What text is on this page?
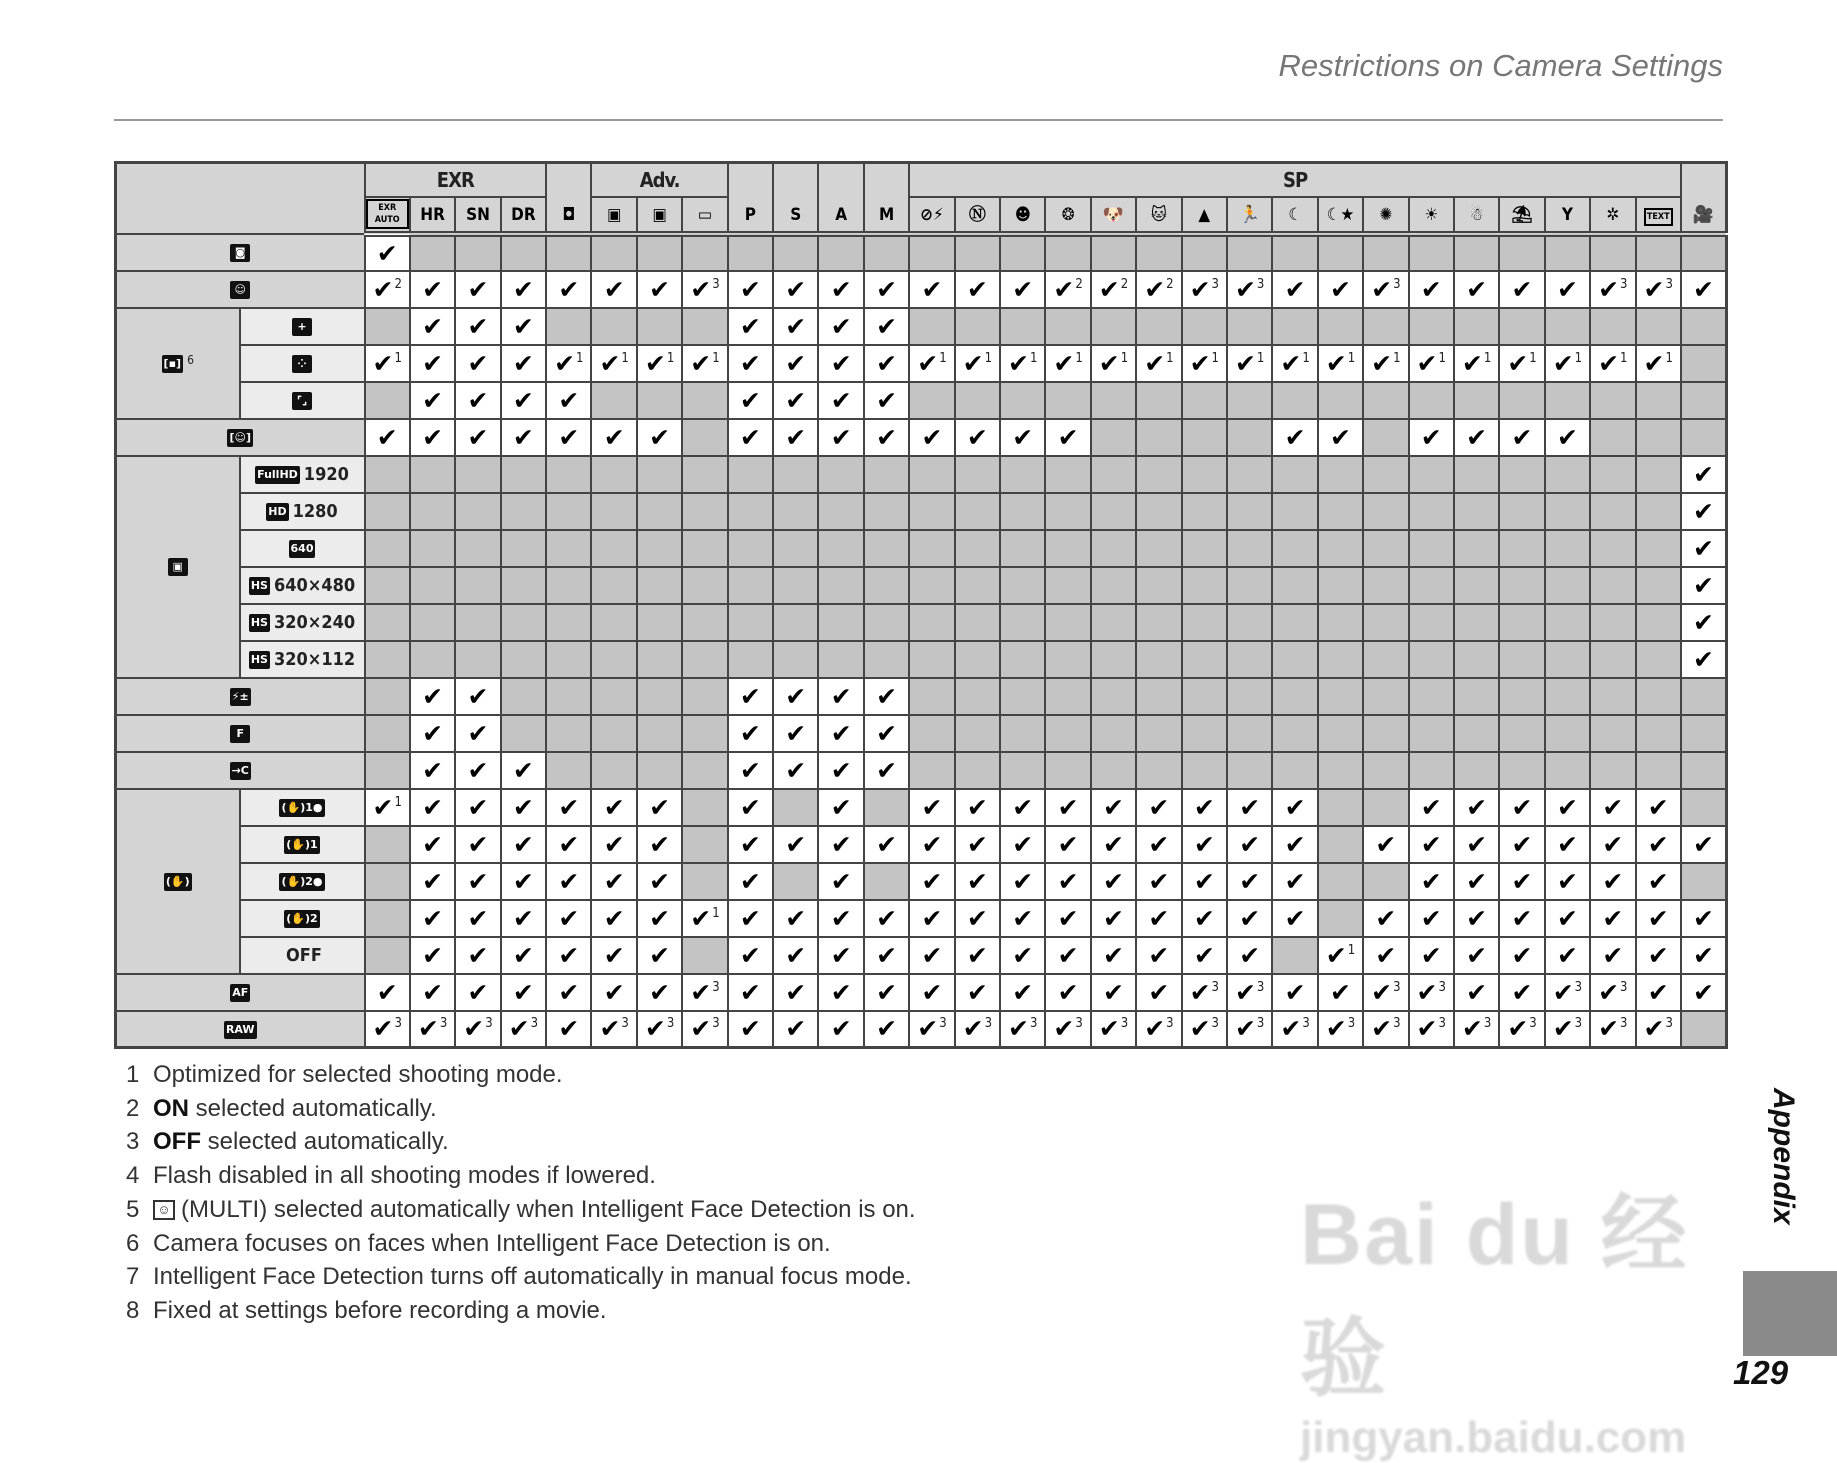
Restrictions on Camera Settings
		EXR				◘	Adv.			P	S	A	M	SP																	🎥
		EXR AUTO	HR	SN	DR		▣	▣	▭					⊘⚡	Ⓝ	☻	❂	🐶	🐱	▲	🏃	☾	☾★	✺	☀	☃	⛱	Y	✲	TEXT	
◙		✔																													
☺		✔$^2$	✔	✔	✔	✔	✔	✔	✔$^3$	✔	✔	✔	✔	✔	✔	✔	✔$^2$	✔$^2$	✔$^2$	✔$^3$	✔$^3$	✔	✔	✔$^3$	✔	✔	✔	✔	✔$^3$	✔$^3$	✔
[▪] $^6$	+		✔	✔	✔					✔	✔	✔	✔																		
	⁘	✔$^1$	✔	✔	✔	✔$^1$	✔$^1$	✔$^1$	✔$^1$	✔	✔	✔	✔	✔$^1$	✔$^1$	✔$^1$	✔$^1$	✔$^1$	✔$^1$	✔$^1$	✔$^1$	✔$^1$	✔$^1$	✔$^1$	✔$^1$	✔$^1$	✔$^1$	✔$^1$	✔$^1$	✔$^1$	
	⌜⌟		✔	✔	✔	✔				✔	✔	✔	✔																		
[☺]		✔	✔	✔	✔	✔	✔	✔		✔	✔	✔	✔	✔	✔	✔	✔					✔	✔		✔	✔	✔	✔			
▣	FullHD 1920																														✔
	HD 1280																														✔
	640																														✔
	HS 640×480																														✔
	HS 320×240																														✔
	HS 320×112																														✔
⚡±			✔	✔						✔	✔	✔	✔																		
F			✔	✔						✔	✔	✔	✔																		
→C			✔	✔	✔					✔	✔	✔	✔																		
(✋)	(✋)1●	✔$^1$	✔	✔	✔	✔	✔	✔		✔		✔		✔	✔	✔	✔	✔	✔	✔	✔	✔			✔	✔	✔	✔	✔	✔	
	(✋)1		✔	✔	✔	✔	✔	✔		✔	✔	✔	✔	✔	✔	✔	✔	✔	✔	✔	✔	✔		✔	✔	✔	✔	✔	✔	✔	✔
	(✋)2●		✔	✔	✔	✔	✔	✔		✔		✔		✔	✔	✔	✔	✔	✔	✔	✔	✔			✔	✔	✔	✔	✔	✔	
	(✋)2		✔	✔	✔	✔	✔	✔	✔$^1$	✔	✔	✔	✔	✔	✔	✔	✔	✔	✔	✔	✔	✔		✔	✔	✔	✔	✔	✔	✔	✔
	OFF		✔	✔	✔	✔	✔	✔		✔	✔	✔	✔	✔	✔	✔	✔	✔	✔	✔	✔		✔$^1$	✔	✔	✔	✔	✔	✔	✔	✔
AF		✔	✔	✔	✔	✔	✔	✔	✔$^3$	✔	✔	✔	✔	✔	✔	✔	✔	✔	✔	✔$^3$	✔$^3$	✔	✔	✔$^3$	✔$^3$	✔	✔	✔$^3$	✔$^3$	✔	✔
RAW		✔$^3$	✔$^3$	✔$^3$	✔$^3$	✔	✔$^3$	✔$^3$	✔$^3$	✔	✔	✔	✔	✔$^3$	✔$^3$	✔$^3$	✔$^3$	✔$^3$	✔$^3$	✔$^3$	✔$^3$	✔$^3$	✔$^3$	✔$^3$	✔$^3$	✔$^3$	✔$^3$	✔$^3$	✔$^3$	✔$^3$	
1 Optimized for selected shooting mode.
2 ON selected automatically.
3 OFF selected automatically.
4 Flash disabled in all shooting modes if lowered.
5 ☺ (MULTI) selected automatically when Intelligent Face Detection is on.
6 Camera focuses on faces when Intelligent Face Detection is on.
7 Intelligent Face Detection turns off automatically in manual focus mode.
8 Fixed at settings before recording a movie.
Appendix
129
Bai du 经验
jingyan.baidu.com
